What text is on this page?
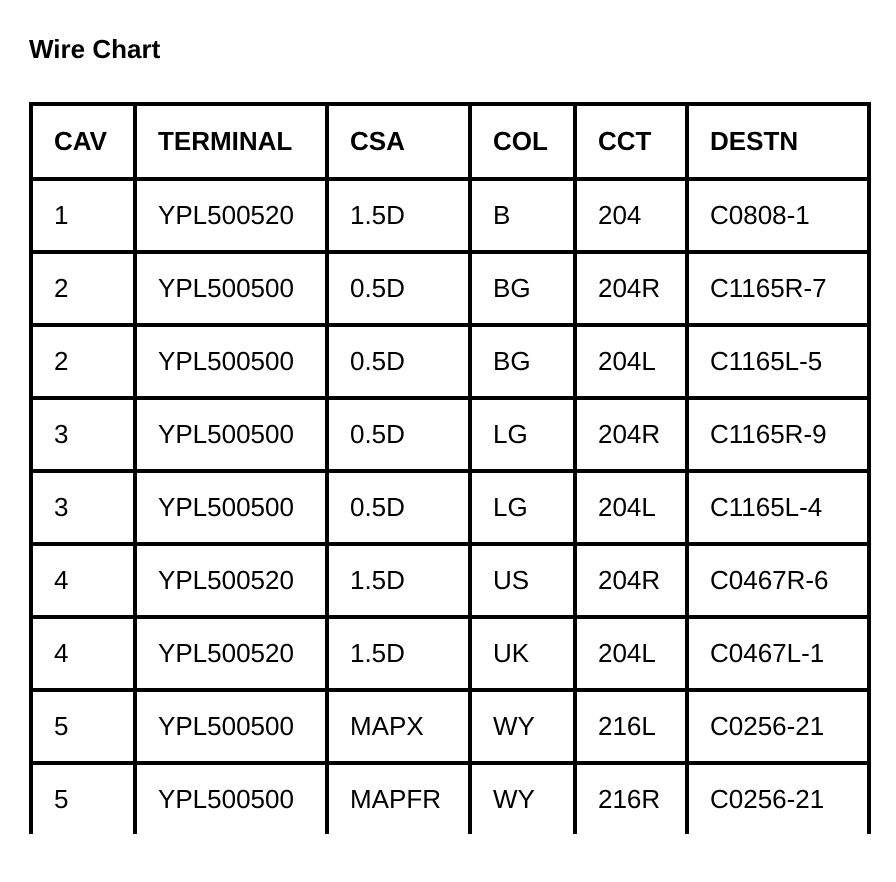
Wire Chart
CAV	TERMINAL	CSA	COL	CCT	DESTN
1	YPL500520	1.5D	B	204	C0808-1
2	YPL500500	0.5D	BG	204R	C1165R-7
2	YPL500500	0.5D	BG	204L	C1165L-5
3	YPL500500	0.5D	LG	204R	C1165R-9
3	YPL500500	0.5D	LG	204L	C1165L-4
4	YPL500520	1.5D	US	204R	C0467R-6
4	YPL500520	1.5D	UK	204L	C0467L-1
5	YPL500500	MAPX	WY	216L	C0256-21
5	YPL500500	MAPFR	WY	216R	C0256-21
